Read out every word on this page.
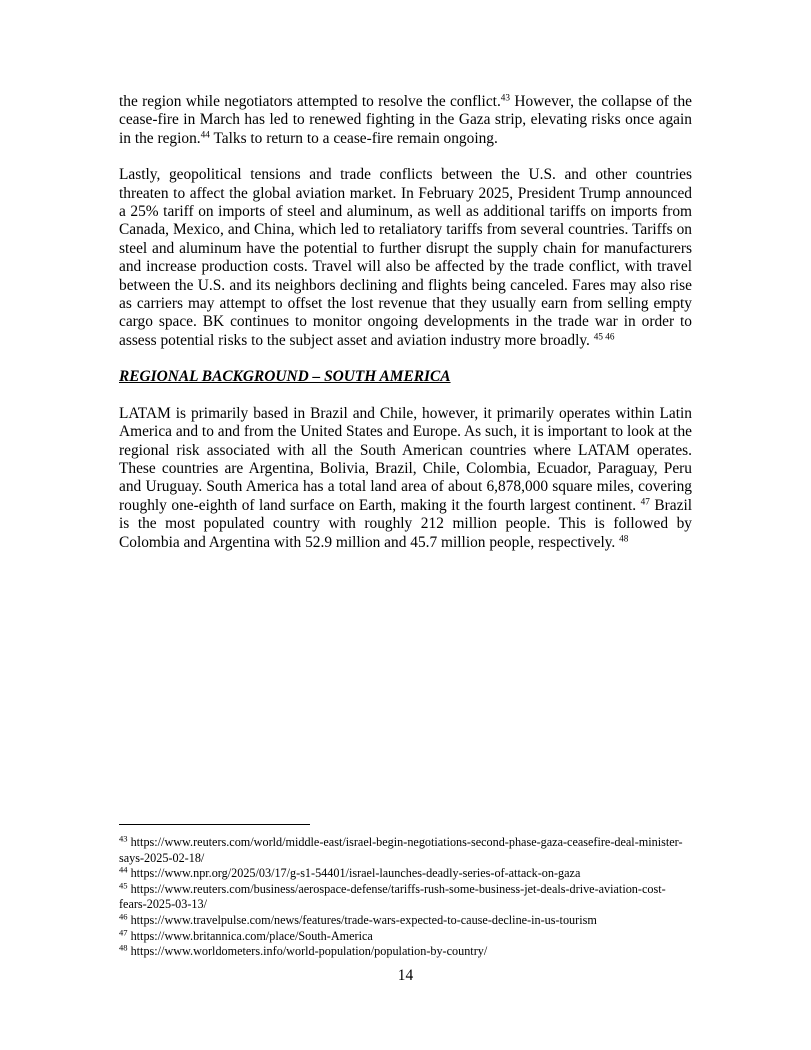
the region while negotiators attempted to resolve the conflict.$^{43}$ However, the collapse of the cease-fire in March has led to renewed fighting in the Gaza strip, elevating risks once again in the region.$^{44}$ Talks to return to a cease-fire remain ongoing.

Lastly, geopolitical tensions and trade conflicts between the U.S. and other countries threaten to affect the global aviation market. In February 2025, President Trump announced a 25% tariff on imports of steel and aluminum, as well as additional tariffs on imports from Canada, Mexico, and China, which led to retaliatory tariffs from several countries. Tariffs on steel and aluminum have the potential to further disrupt the supply chain for manufacturers and increase production costs. Travel will also be affected by the trade conflict, with travel between the U.S. and its neighbors declining and flights being canceled. Fares may also rise as carriers may attempt to offset the lost revenue that they usually earn from selling empty cargo space. BK continues to monitor ongoing developments in the trade war in order to assess potential risks to the subject asset and aviation industry more broadly. $^{45 46}$

REGIONAL BACKGROUND – SOUTH AMERICA

LATAM is primarily based in Brazil and Chile, however, it primarily operates within Latin America and to and from the United States and Europe. As such, it is important to look at the regional risk associated with all the South American countries where LATAM operates. These countries are Argentina, Bolivia, Brazil, Chile, Colombia, Ecuador, Paraguay, Peru and Uruguay. South America has a total land area of about 6,878,000 square miles, covering roughly one-eighth of land surface on Earth, making it the fourth largest continent. $^{47}$ Brazil is the most populated country with roughly 212 million people. This is followed by Colombia and Argentina with 52.9 million and 45.7 million people, respectively. $^{48}$

$^{43}$ https://www.reuters.com/world/middle-east/israel-begin-negotiations-second-phase-gaza-ceasefire-deal-minister-says-2025-02-18/

$^{44}$ https://www.npr.org/2025/03/17/g-s1-54401/israel-launches-deadly-series-of-attack-on-gaza

$^{45}$ https://www.reuters.com/business/aerospace-defense/tariffs-rush-some-business-jet-deals-drive-aviation-cost-fears-2025-03-13/

$^{46}$ https://www.travelpulse.com/news/features/trade-wars-expected-to-cause-decline-in-us-tourism

$^{47}$ https://www.britannica.com/place/South-America

$^{48}$ https://www.worldometers.info/world-population/population-by-country/

14
